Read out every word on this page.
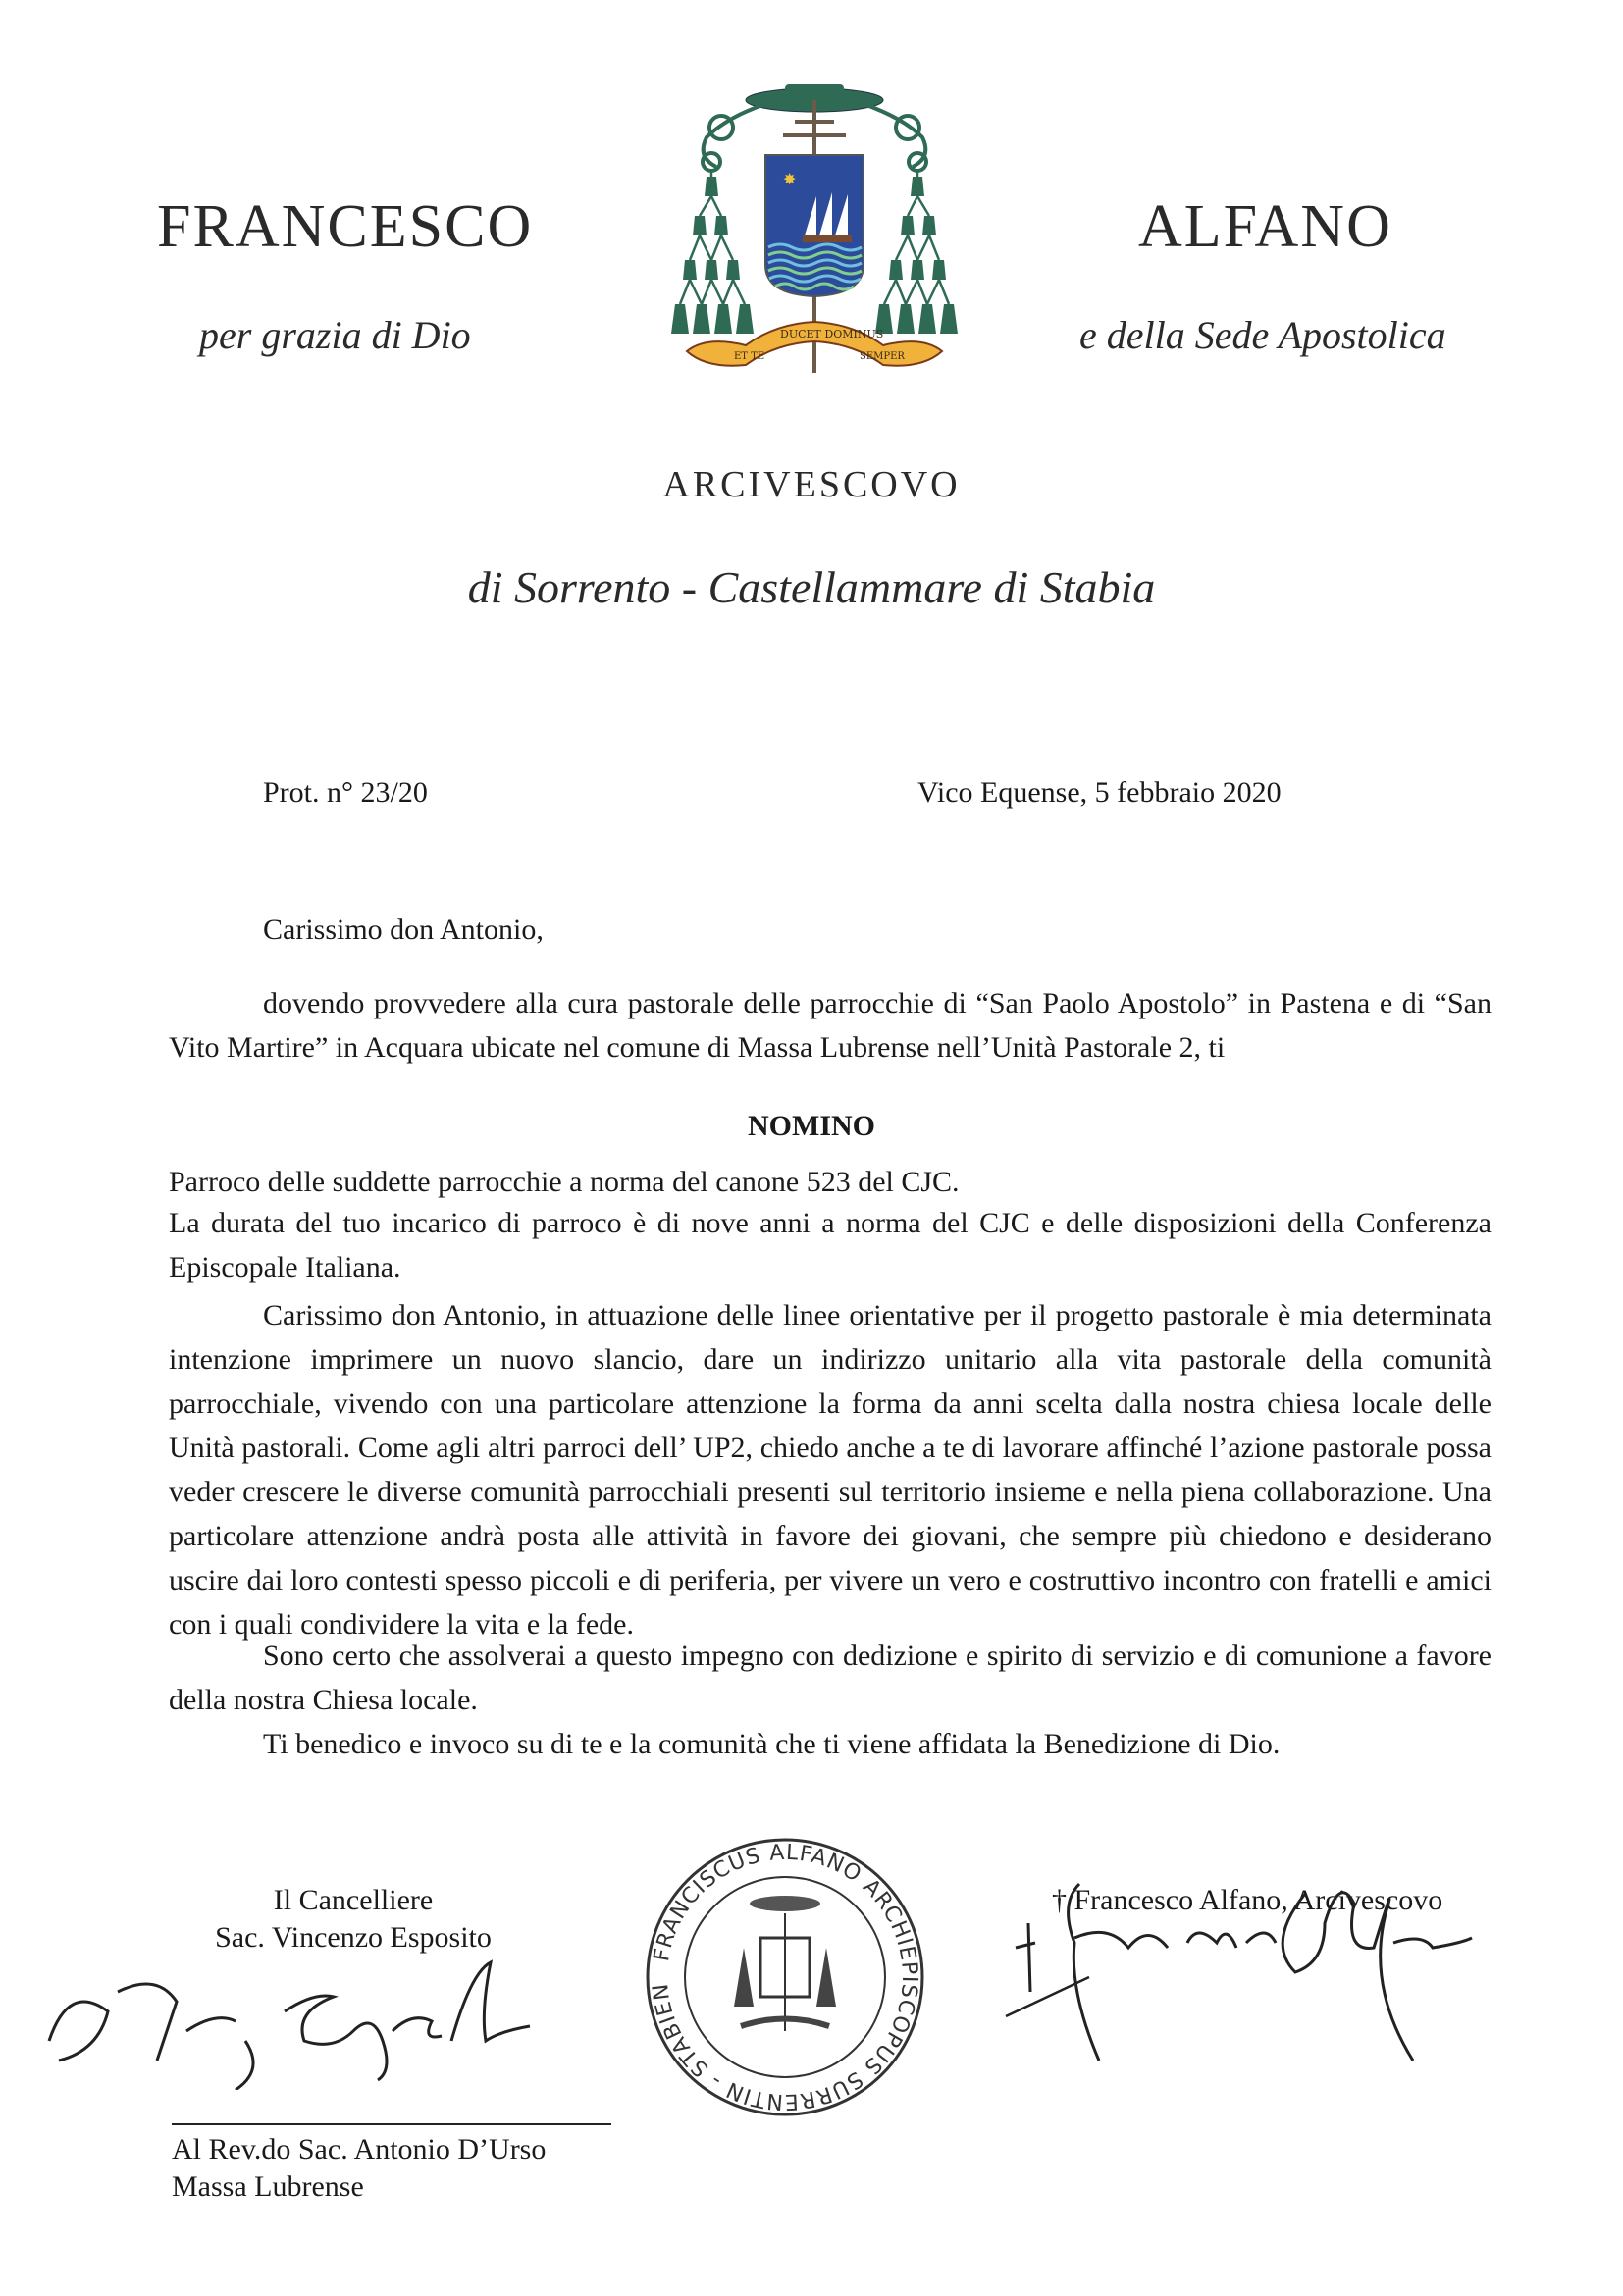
FRANCESCO	ALFANO
per grazia di Dio	e della Sede Apostolica
✸
ET TE
DUCET DOMINUS
SEMPER
ARCIVESCOVO
di Sorrento - Castellammare di Stabia
Prot. n° 23/20	Vico Equense, 5 febbraio 2020
Carissimo don Antonio,
dovendo provvedere alla cura pastorale delle parrocchie di “San Paolo Apostolo” in Pastena e di “San Vito Martire” in Acquara ubicate nel comune di Massa Lubrense nell’Unità Pastorale 2, ti
NOMINO
Parroco delle suddette parrocchie a norma del canone 523 del CJC.
La durata del tuo incarico di parroco è di nove anni a norma del CJC e delle disposizioni della Conferenza Episcopale Italiana.
Carissimo don Antonio, in attuazione delle linee orientative per il progetto pastorale è mia determinata intenzione imprimere un nuovo slancio, dare un indirizzo unitario alla vita pastorale della comunità parrocchiale, vivendo con una particolare attenzione la forma da anni scelta dalla nostra chiesa locale delle Unità pastorali. Come agli altri parroci dell’ UP2, chiedo anche a te di lavorare affinché l’azione pastorale possa veder crescere le diverse comunità parrocchiali presenti sul territorio insieme e nella piena collaborazione. Una particolare attenzione andrà posta alle attività in favore dei giovani, che sempre più chiedono e desiderano uscire dai loro contesti spesso piccoli e di periferia, per vivere un vero e costruttivo incontro con fratelli e amici con i quali condividere la vita e la fede.
Sono certo che assolverai a questo impegno con dedizione e spirito di servizio e di comunione a favore della nostra Chiesa locale.
Ti benedico e invoco su di te e la comunità che ti viene affidata la Benedizione di Dio.
Il Cancelliere
Sac. Vincenzo Esposito
FRANCISCUS ALFANO ARCHIEPISCOPUS SURRENTIN - STABIEN
† Francesco Alfano, Arcivescovo
Al Rev.do Sac. Antonio D’Urso
Massa Lubrense
